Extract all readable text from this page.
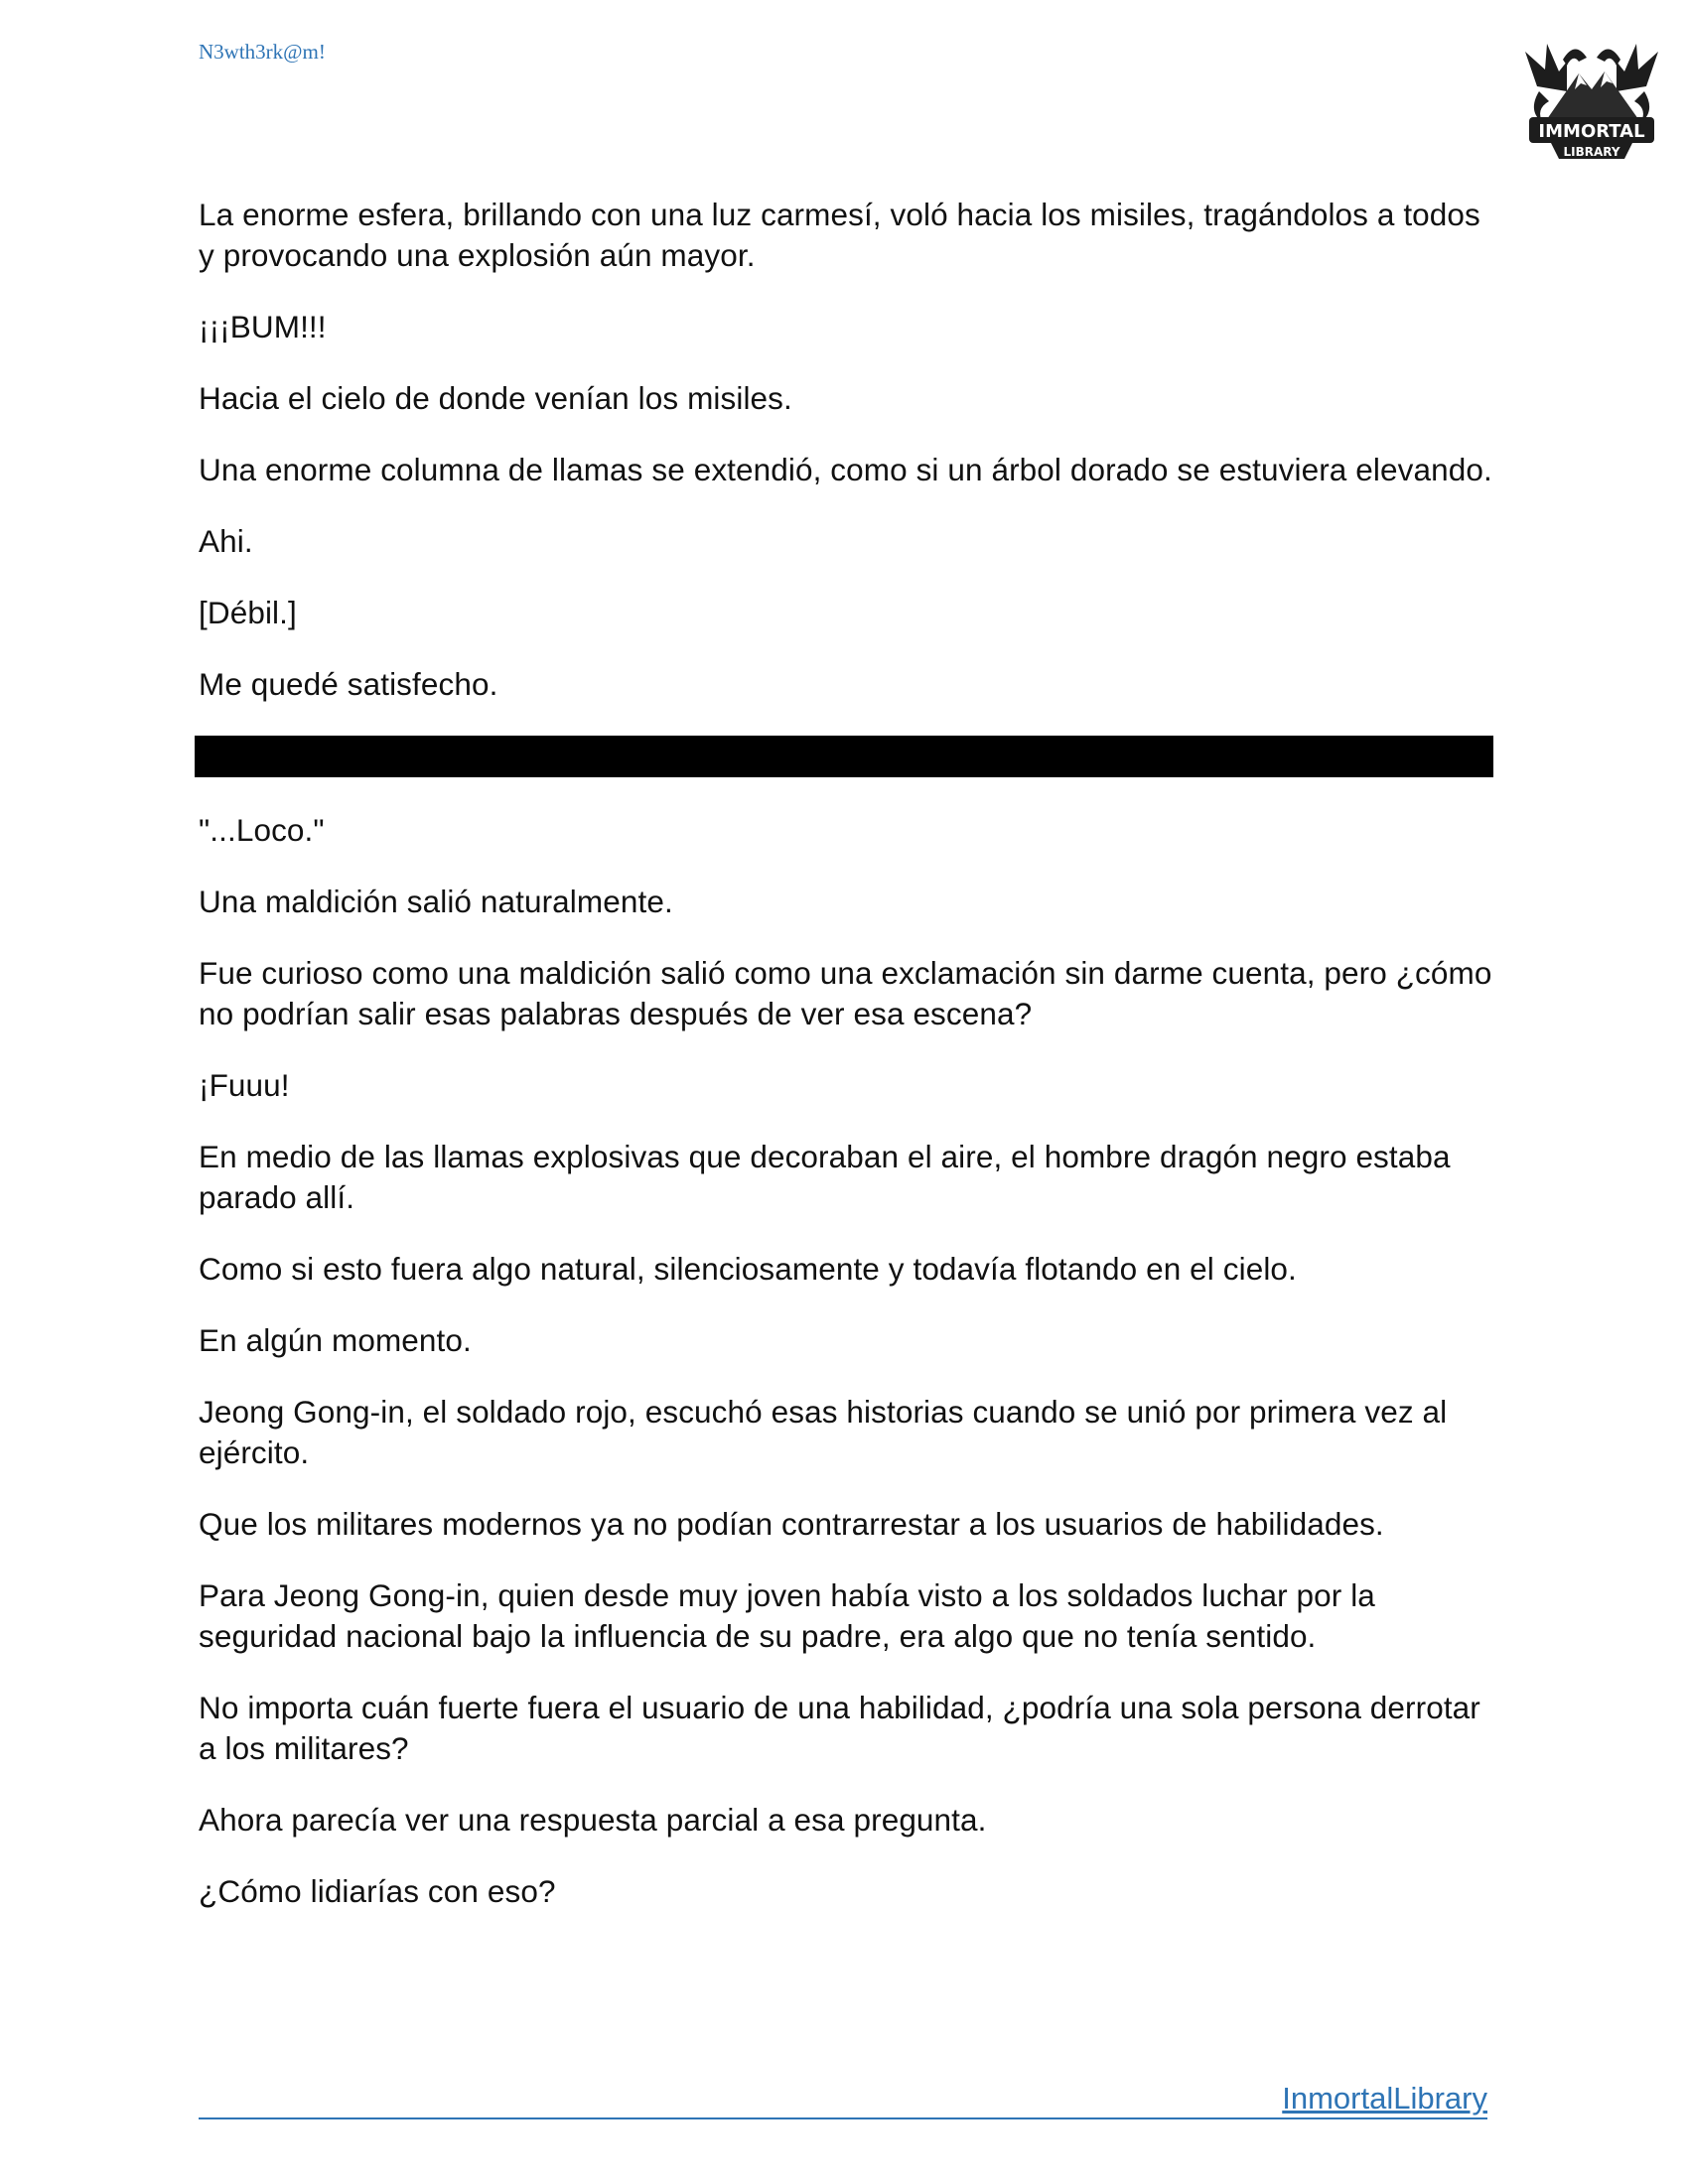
N3wth3rk@m!
IMMORTAL
LIBRARY

La enorme esfera, brillando con una luz carmesí, voló hacia los misiles, tragándolos a todos y provocando una explosión aún mayor.

¡¡¡BUM!!!

Hacia el cielo de donde venían los misiles.

Una enorme columna de llamas se extendió, como si un árbol dorado se estuviera elevando.

Ahi.

[Débil.]

Me quedé satisfecho.

"...Loco."

Una maldición salió naturalmente.

Fue curioso como una maldición salió como una exclamación sin darme cuenta, pero ¿cómo no podrían salir esas palabras después de ver esa escena?

¡Fuuu!

En medio de las llamas explosivas que decoraban el aire, el hombre dragón negro estaba parado allí.

Como si esto fuera algo natural, silenciosamente y todavía flotando en el cielo.

En algún momento.

Jeong Gong-in, el soldado rojo, escuchó esas historias cuando se unió por primera vez al ejército.

Que los militares modernos ya no podían contrarrestar a los usuarios de habilidades.

Para Jeong Gong-in, quien desde muy joven había visto a los soldados luchar por la seguridad nacional bajo la influencia de su padre, era algo que no tenía sentido.

No importa cuán fuerte fuera el usuario de una habilidad, ¿podría una sola persona derrotar a los militares?

Ahora parecía ver una respuesta parcial a esa pregunta.

¿Cómo lidiarías con eso?

InmortalLibrary
